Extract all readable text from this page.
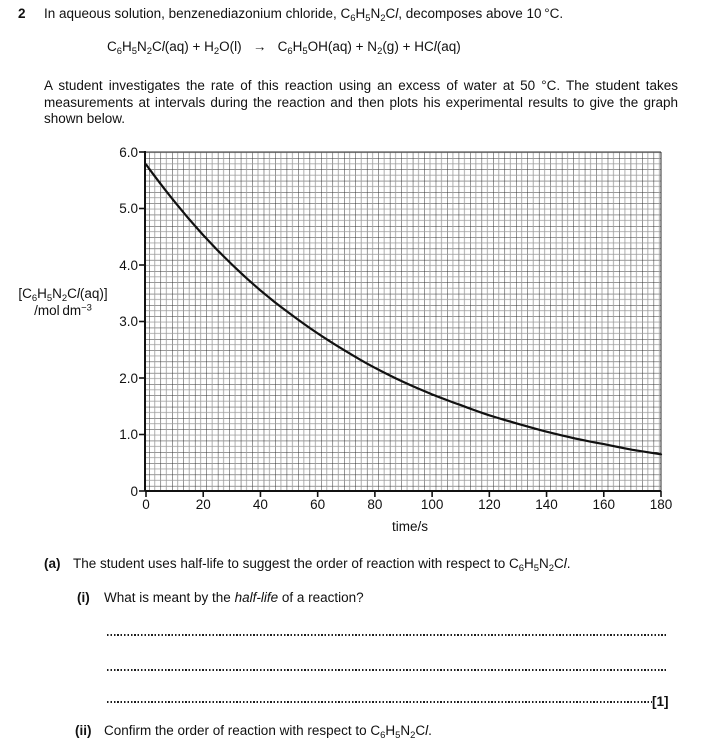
2 In aqueous solution, benzenediazonium chloride, $C_6H_5N_2Cl$, decomposes above 10 °C.
$C_6H_5N_2Cl(aq) + H_2O(l) \to C_6H_5OH(aq) + N_2(g) + HCl(aq)$
A student investigates the rate of this reaction using an excess of water at 50 °C. The student takes measurements at intervals during the reaction and then plots his experimental results to give the graph shown below.
6.0
5.0
4.0
3.0
2.0
1.0
0
0	20	40	60	80	100	120	140	160	180
$[C_6H_5N_2Cl(aq)]$
/mol $dm^{-3}$
time/s
(a) The student uses half-life to suggest the order of reaction with respect to $C_6H_5N_2Cl$.
(i) What is meant by the half-life of a reaction?
[1]
(ii) Confirm the order of reaction with respect to $C_6H_5N_2Cl$.
